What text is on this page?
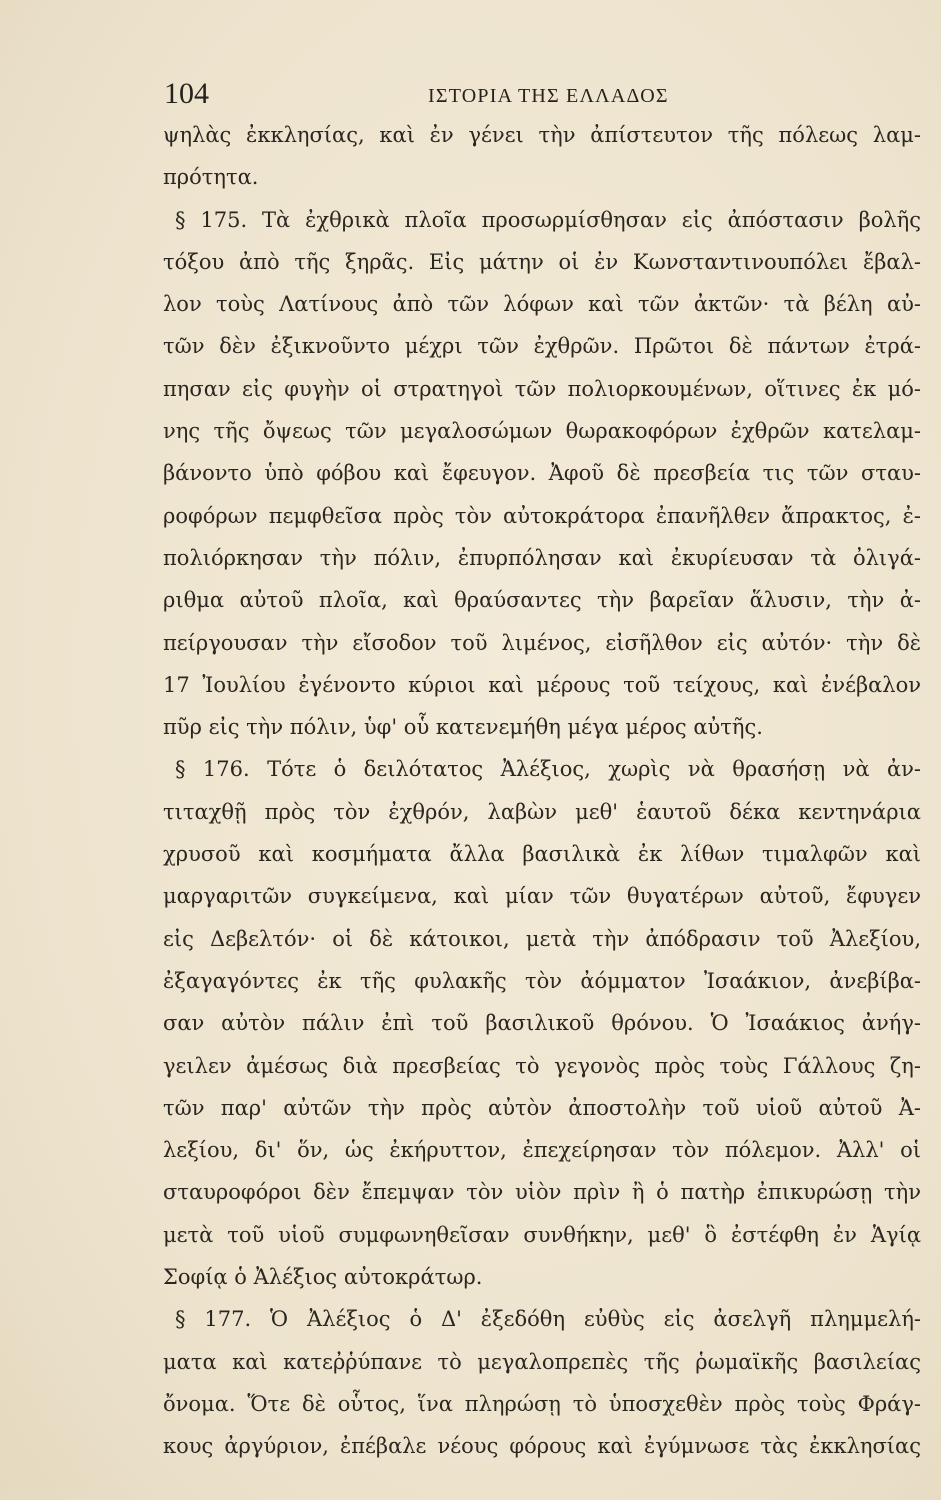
104	ΙΣΤΟΡΙΑ ΤΗΣ ΕΛΛΑΔΟΣ
ψηλὰς ἐκκλησίας, καὶ ἐν γένει τὴν ἀπίστευτον τῆς πόλεως λαμ-
πρότητα.
§ 175. Τὰ ἐχθρικὰ πλοῖα προσωρμίσθησαν εἰς ἀπόστασιν βολῆς
τόξου ἀπὸ τῆς ξηρᾶς. Εἰς μάτην οἱ ἐν Κωνσταντινουπόλει ἔβαλ-
λον τοὺς Λατίνους ἀπὸ τῶν λόφων καὶ τῶν ἀκτῶν· τὰ βέλη αὐ-
τῶν δὲν ἐξικνοῦντο μέχρι τῶν ἐχθρῶν. Πρῶτοι δὲ πάντων ἐτρά-
πησαν εἰς φυγὴν οἱ στρατηγοὶ τῶν πολιορκουμένων, οἵτινες ἐκ μό-
νης τῆς ὄψεως τῶν μεγαλοσώμων θωρακοφόρων ἐχθρῶν κατελαμ-
βάνοντο ὑπὸ φόβου καὶ ἔφευγον. Ἀφοῦ δὲ πρεσβεία τις τῶν σταυ-
ροφόρων πεμφθεῖσα πρὸς τὸν αὐτοκράτορα ἐπανῆλθεν ἄπρακτος, ἐ-
πολιόρκησαν τὴν πόλιν, ἐπυρπόλησαν καὶ ἐκυρίευσαν τὰ ὀλιγά-
ριθμα αὐτοῦ πλοῖα, καὶ θραύσαντες τὴν βαρεῖαν ἅλυσιν, τὴν ἀ-
πείργουσαν τὴν εἴσοδον τοῦ λιμένος, εἰσῆλθον εἰς αὐτόν· τὴν δὲ
17 Ἰουλίου ἐγένοντο κύριοι καὶ μέρους τοῦ τείχους, καὶ ἐνέβαλον
πῦρ εἰς τὴν πόλιν, ὑφ' οὗ κατενεμήθη μέγα μέρος αὐτῆς.
§ 176. Τότε ὁ δειλότατος Ἀλέξιος, χωρὶς νὰ θρασήσῃ νὰ ἀν-
τιταχθῇ πρὸς τὸν ἐχθρόν, λαβὼν μεθ' ἑαυτοῦ δέκα κεντηνάρια
χρυσοῦ καὶ κοσμήματα ἄλλα βασιλικὰ ἐκ λίθων τιμαλφῶν καὶ
μαργαριτῶν συγκείμενα, καὶ μίαν τῶν θυγατέρων αὐτοῦ, ἔφυγεν
εἰς Δεβελτόν· οἱ δὲ κάτοικοι, μετὰ τὴν ἀπόδρασιν τοῦ Ἀλεξίου,
ἐξαγαγόντες ἐκ τῆς φυλακῆς τὸν ἀόμματον Ἰσαάκιον, ἀνεβίβα-
σαν αὐτὸν πάλιν ἐπὶ τοῦ βασιλικοῦ θρόνου. Ὁ Ἰσαάκιος ἀνήγ-
γειλεν ἀμέσως διὰ πρεσβείας τὸ γεγονὸς πρὸς τοὺς Γάλλους ζη-
τῶν παρ' αὐτῶν τὴν πρὸς αὐτὸν ἀποστολὴν τοῦ υἱοῦ αὐτοῦ Ἀ-
λεξίου, δι' ὅν, ὡς ἐκήρυττον, ἐπεχείρησαν τὸν πόλεμον. Ἀλλ' οἱ
σταυροφόροι δὲν ἔπεμψαν τὸν υἱὸν πρὶν ἢ ὁ πατὴρ ἐπικυρώσῃ τὴν
μετὰ τοῦ υἱοῦ συμφωνηθεῖσαν συνθήκην, μεθ' ὃ ἐστέφθη ἐν Ἁγίᾳ
Σοφίᾳ ὁ Ἀλέξιος αὐτοκράτωρ.
§ 177. Ὁ Ἀλέξιος ὁ Δ' ἐξεδόθη εὐθὺς εἰς ἀσελγῆ πλημμελή-
ματα καὶ κατεῤῥύπανε τὸ μεγαλοπρεπὲς τῆς ῥωμαϊκῆς βασιλείας
ὄνομα. Ὅτε δὲ οὗτος, ἵνα πληρώσῃ τὸ ὑποσχεθὲν πρὸς τοὺς Φράγ-
κους ἀργύριον, ἐπέβαλε νέους φόρους καὶ ἐγύμνωσε τὰς ἐκκλησίας
